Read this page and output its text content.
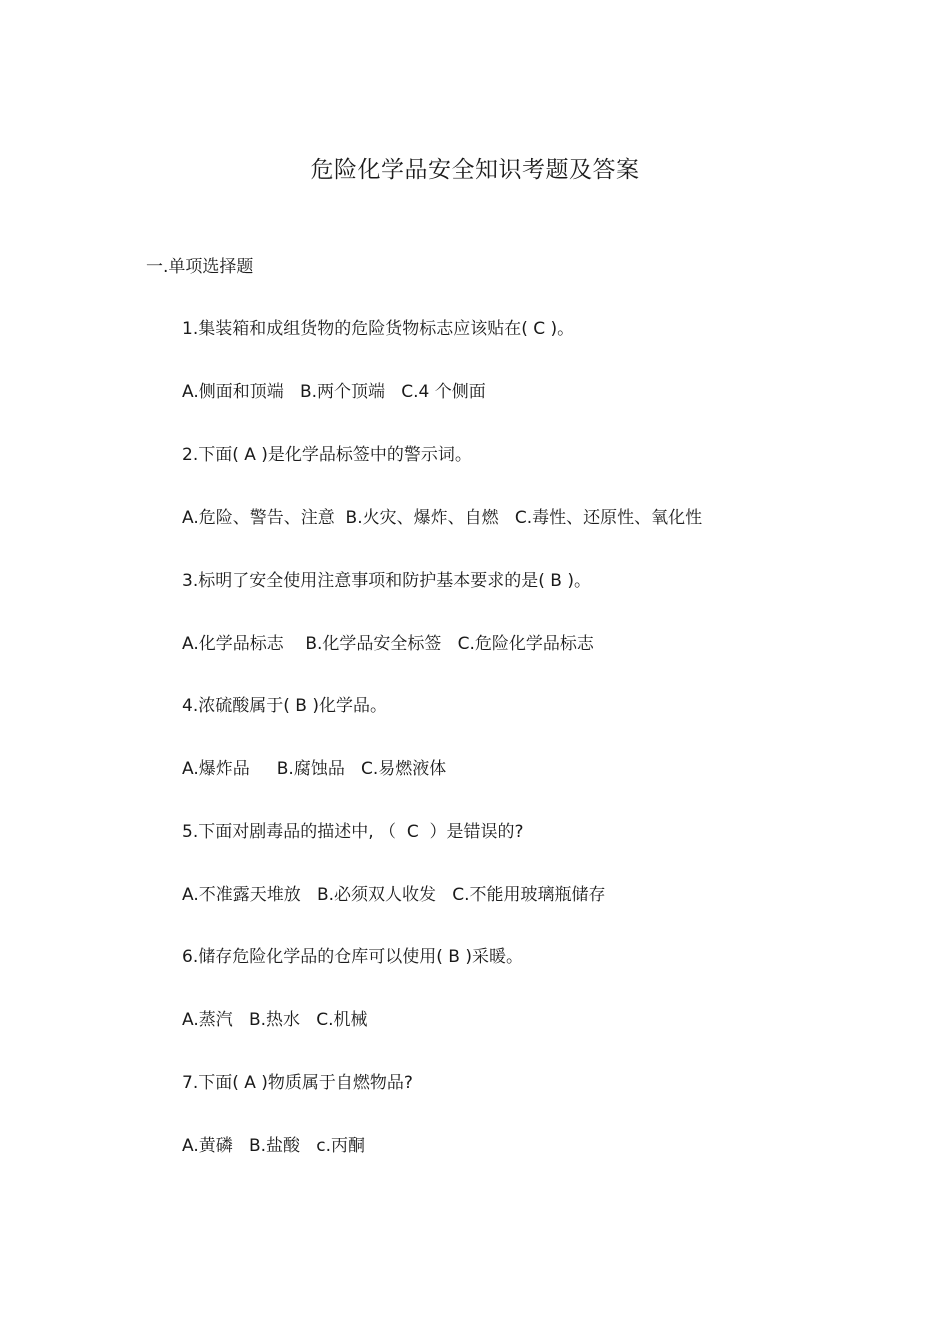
危险化学品安全知识考题及答案
一.单项选择题
1.集装箱和成组货物的危险货物标志应该贴在( C )。
A.侧面和顶端   B.两个顶端   C.4 个侧面
2.下面( A )是化学品标签中的警示词。
A.危险、警告、注意  B.火灾、爆炸、自燃   C.毒性、还原性、氧化性
3.标明了安全使用注意事项和防护基本要求的是( B )。
A.化学品标志    B.化学品安全标签   C.危险化学品标志
4.浓硫酸属于( B )化学品。
A.爆炸品     B.腐蚀品   C.易燃液体
5.下面对剧毒品的描述中, （  C  ）是错误的?
A.不准露天堆放   B.必须双人收发   C.不能用玻璃瓶储存
6.储存危险化学品的仓库可以使用( B )采暖。
A.蒸汽   B.热水   C.机械
7.下面( A )物质属于自燃物品?
A.黄磷   B.盐酸   c.丙酮
